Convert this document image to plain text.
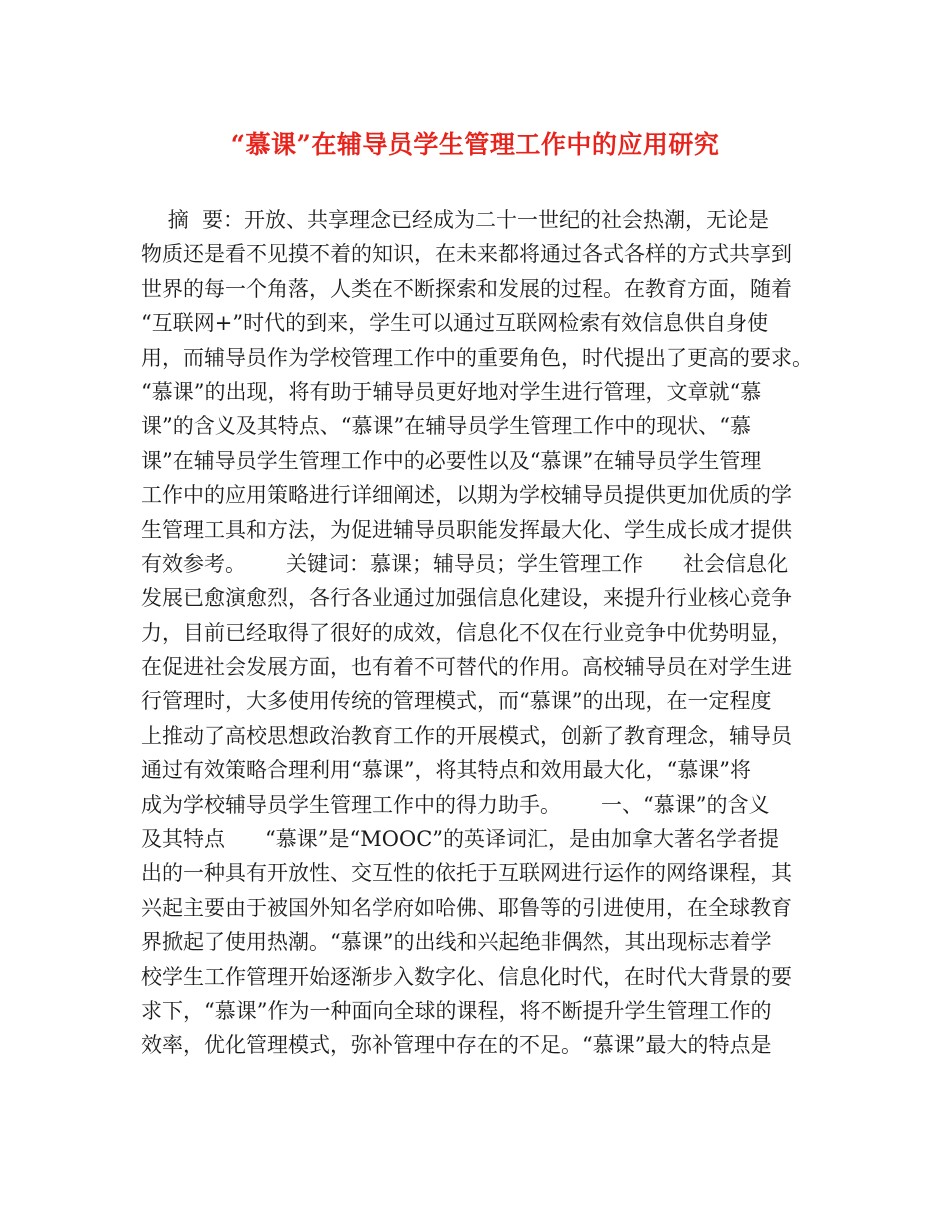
“慕课”在辅导员学生管理工作中的应用研究
摘  要：开放、共享理念已经成为二十一世纪的社会热潮，无论是
物质还是看不见摸不着的知识，在未来都将通过各式各样的方式共享到
世界的每一个角落，人类在不断探索和发展的过程。在教育方面，随着
“互联网+”时代的到来，学生可以通过互联网检索有效信息供自身使
用，而辅导员作为学校管理工作中的重要角色，时代提出了更高的要求。
“慕课”的出现，将有助于辅导员更好地对学生进行管理，文章就“慕
课”的含义及其特点、“慕课”在辅导员学生管理工作中的现状、“慕
课”在辅导员学生管理工作中的必要性以及“慕课”在辅导员学生管理
工作中的应用策略进行详细阐述，以期为学校辅导员提供更加优质的学
生管理工具和方法，为促进辅导员职能发挥最大化、学生成长成才提供
有效参考。      关键词：慕课；辅导员；学生管理工作      社会信息化
发展已愈演愈烈，各行各业通过加强信息化建设，来提升行业核心竞争
力，目前已经取得了很好的成效，信息化不仅在行业竞争中优势明显，
在促进社会发展方面，也有着不可替代的作用。高校辅导员在对学生进
行管理时，大多使用传统的管理模式，而“慕课”的出现，在一定程度
上推动了高校思想政治教育工作的开展模式，创新了教育理念，辅导员
通过有效策略合理利用“慕课”，将其特点和效用最大化，“慕课”将
成为学校辅导员学生管理工作中的得力助手。      一、“慕课”的含义
及其特点      “慕课”是“MOOC”的英译词汇，是由加拿大著名学者提
出的一种具有开放性、交互性的依托于互联网进行运作的网络课程，其
兴起主要由于被国外知名学府如哈佛、耶鲁等的引进使用，在全球教育
界掀起了使用热潮。“慕课”的出线和兴起绝非偶然，其出现标志着学
校学生工作管理开始逐渐步入数字化、信息化时代，在时代大背景的要
求下，“慕课”作为一种面向全球的课程，将不断提升学生管理工作的
效率，优化管理模式，弥补管理中存在的不足。“慕课”最大的特点是
